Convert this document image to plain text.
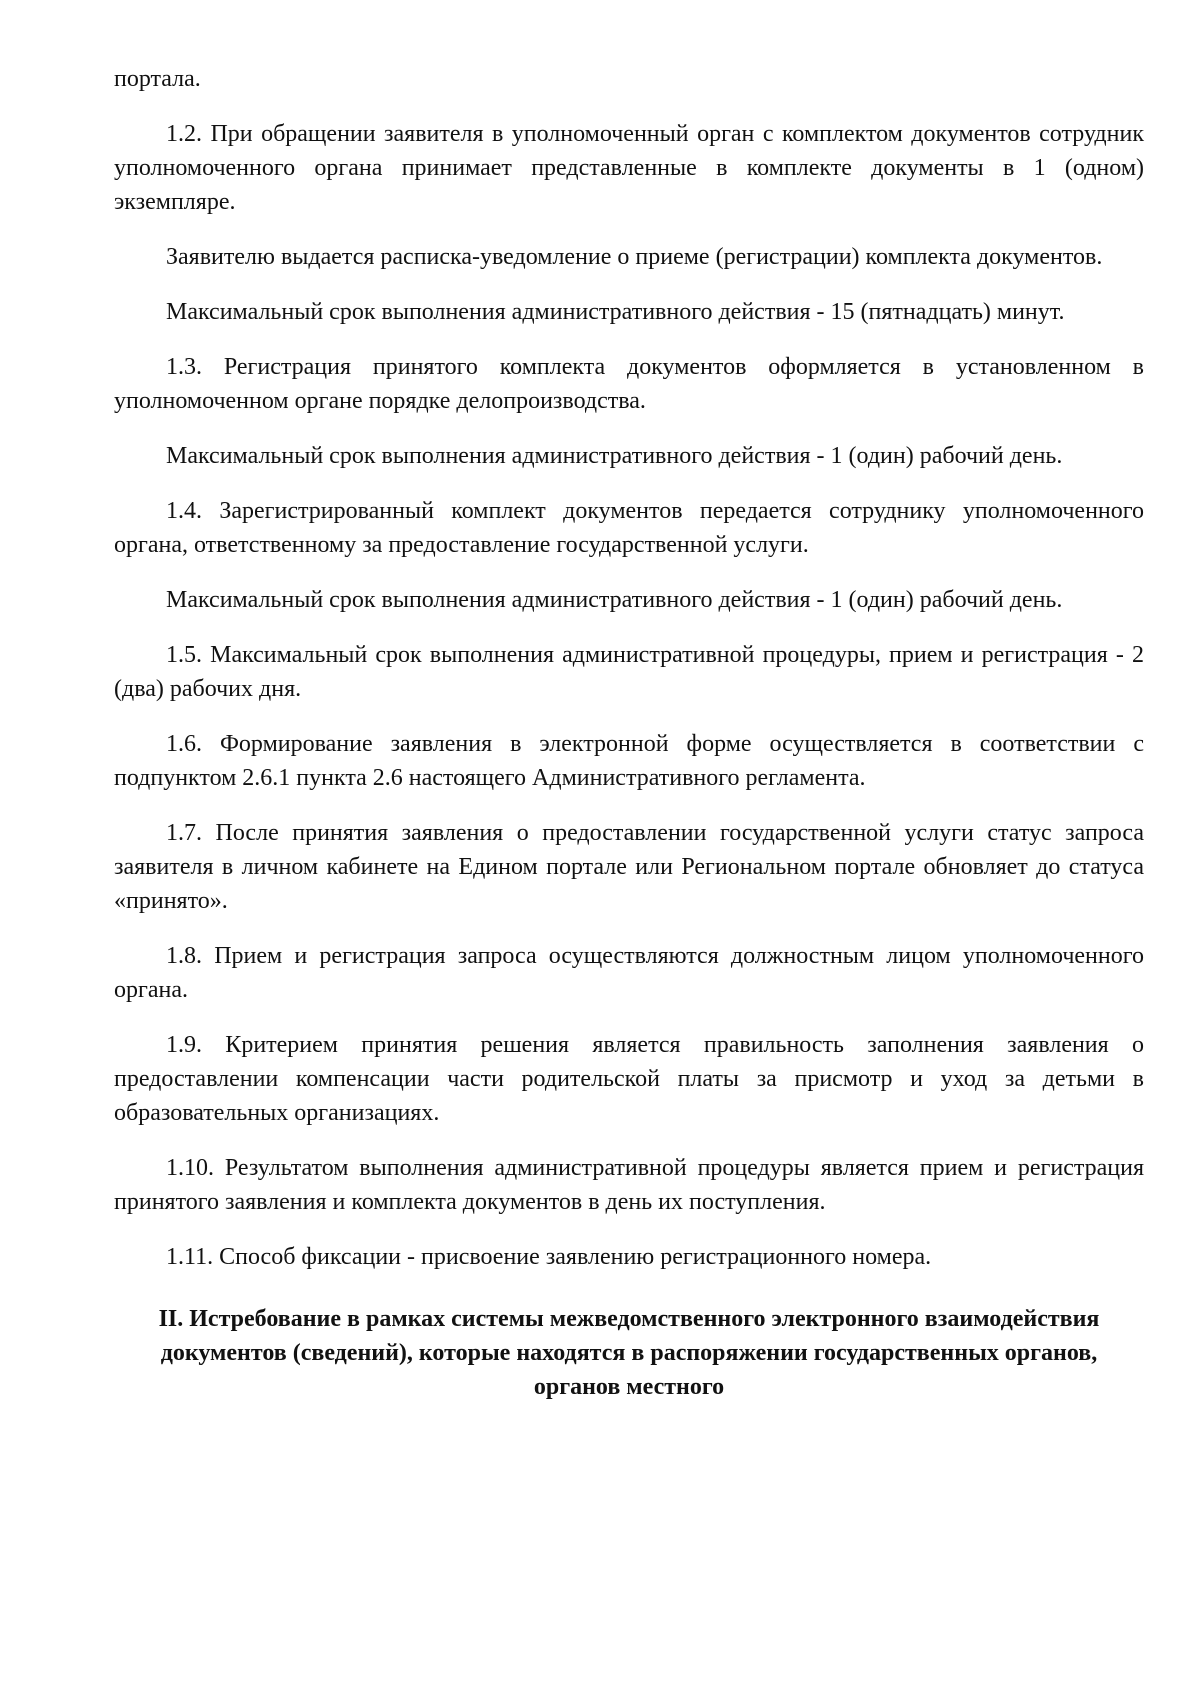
портала.

1.2. При обращении заявителя в уполномоченный орган с комплектом документов сотрудник уполномоченного органа принимает представленные в комплекте документы в 1 (одном) экземпляре.

Заявителю выдается расписка-уведомление о приеме (регистрации) комплекта документов.

Максимальный срок выполнения административного действия - 15 (пятнадцать) минут.

1.3. Регистрация принятого комплекта документов оформляется в установленном в уполномоченном органе порядке делопроизводства.

Максимальный срок выполнения административного действия - 1 (один) рабочий день.

1.4. Зарегистрированный комплект документов передается сотруднику уполномоченного органа, ответственному за предоставление государственной услуги.

Максимальный срок выполнения административного действия - 1 (один) рабочий день.

1.5. Максимальный срок выполнения административной процедуры, прием и регистрация - 2 (два) рабочих дня.

1.6. Формирование заявления в электронной форме осуществляется в соответствии с подпунктом 2.6.1 пункта 2.6 настоящего Административного регламента.

1.7. После принятия заявления о предоставлении государственной услуги статус запроса заявителя в личном кабинете на Едином портале или Региональном портале обновляет до статуса «принято».

1.8. Прием и регистрация запроса осуществляются должностным лицом уполномоченного органа.

1.9. Критерием принятия решения является правильность заполнения заявления о предоставлении компенсации части родительской платы за присмотр и уход за детьми в образовательных организациях.

1.10. Результатом выполнения административной процедуры является прием и регистрация принятого заявления и комплекта документов в день их поступления.

1.11. Способ фиксации - присвоение заявлению регистрационного номера.

II. Истребование в рамках системы межведомственного электронного взаимодействия документов (сведений), которые находятся в распоряжении государственных органов, органов местного
